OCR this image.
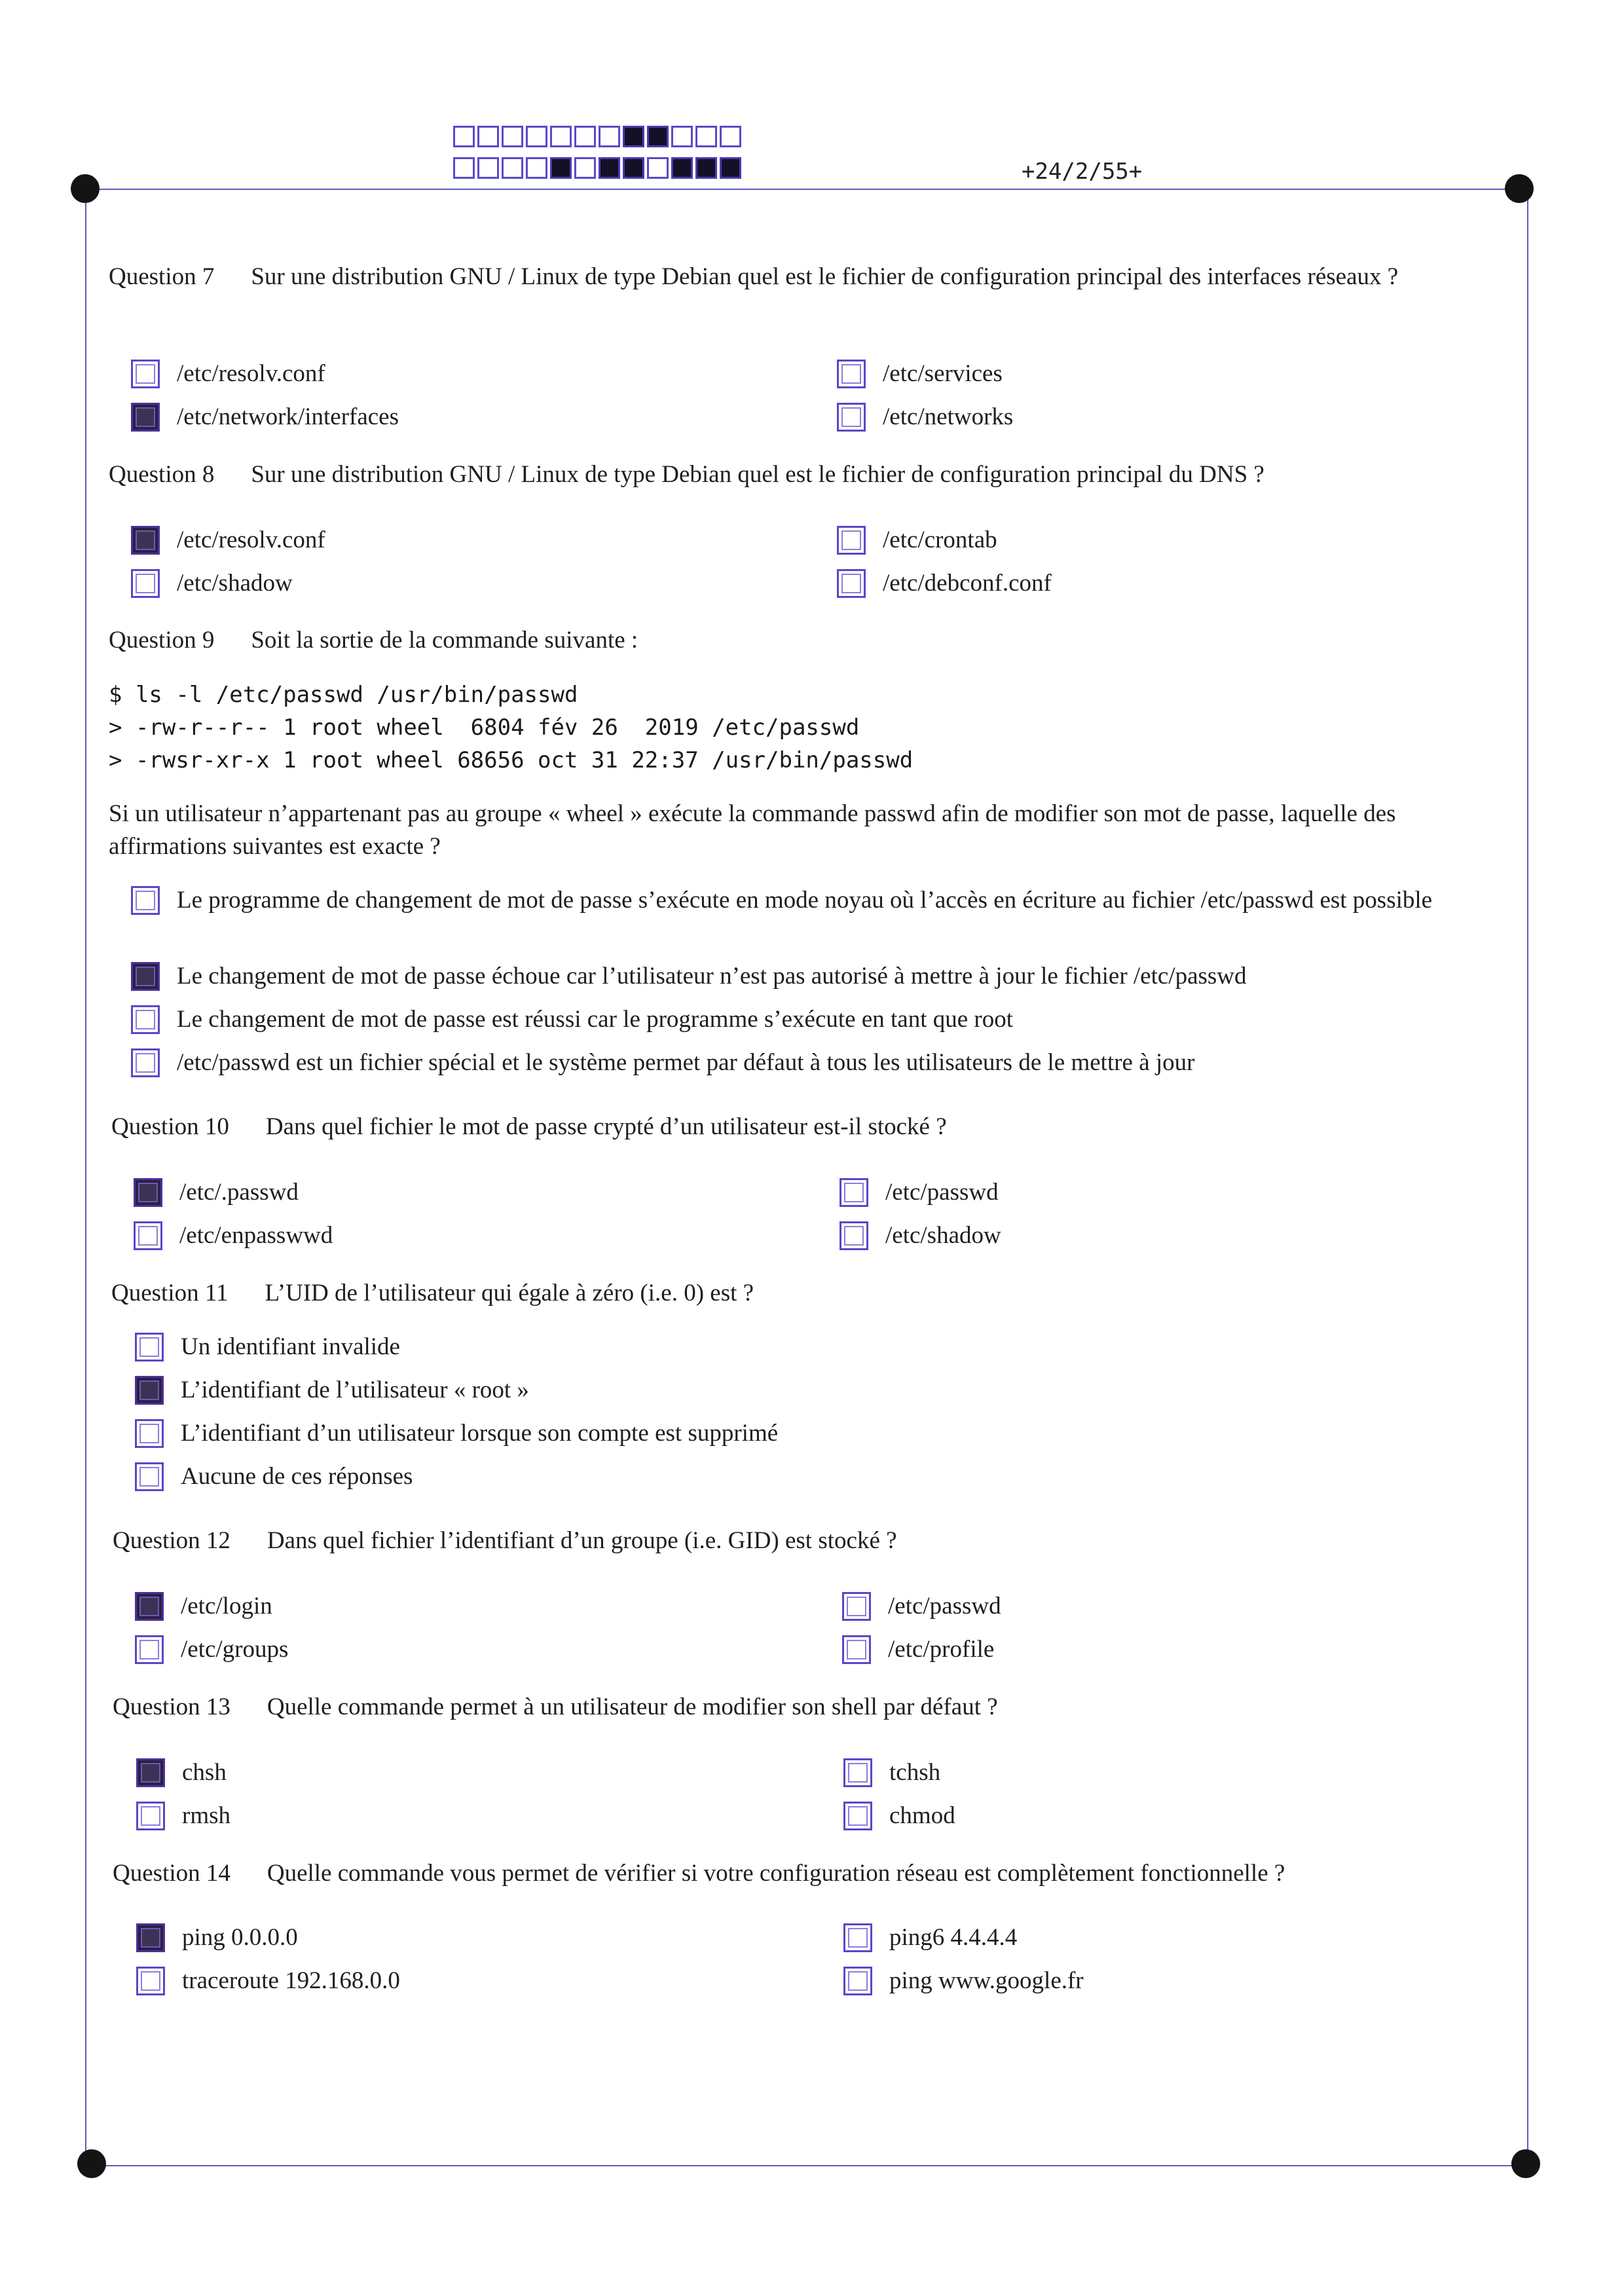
+24/2/55+
Question 7 Sur une distribution GNU / Linux de type Debian quel est le fichier de configuration principal des interfaces réseaux ?
/etc/resolv.conf	/etc/services
/etc/network/interfaces	/etc/networks
Question 8 Sur une distribution GNU / Linux de type Debian quel est le fichier de configuration principal du DNS ?
/etc/resolv.conf	/etc/crontab
/etc/shadow	/etc/debconf.conf
Question 9 Soit la sortie de la commande suivante :
$ ls -l /etc/passwd /usr/bin/passwd
> -rw-r--r-- 1 root wheel  6804 fév 26  2019 /etc/passwd
> -rwsr-xr-x 1 root wheel 68656 oct 31 22:37 /usr/bin/passwd
Si un utilisateur n’appartenant pas au groupe « wheel » exécute la commande passwd afin de modifier son mot de passe, laquelle des affirmations suivantes est exacte ?
Le programme de changement de mot de passe s’exécute en mode noyau où l’accès en écriture au fichier /etc/passwd est possible
Le changement de mot de passe échoue car l’utilisateur n’est pas autorisé à mettre à jour le fichier /etc/passwd
Le changement de mot de passe est réussi car le programme s’exécute en tant que root
/etc/passwd est un fichier spécial et le système permet par défaut à tous les utilisateurs de le mettre à jour
Question 10 Dans quel fichier le mot de passe crypté d’un utilisateur est-il stocké ?
/etc/.passwd	/etc/passwd
/etc/enpasswwd	/etc/shadow
Question 11 L’UID de l’utilisateur qui égale à zéro (i.e. 0) est ?
Un identifiant invalide
L’identifiant de l’utilisateur « root »
L’identifiant d’un utilisateur lorsque son compte est supprimé
Aucune de ces réponses
Question 12 Dans quel fichier l’identifiant d’un groupe (i.e. GID) est stocké ?
/etc/login	/etc/passwd
/etc/groups	/etc/profile
Question 13 Quelle commande permet à un utilisateur de modifier son shell par défaut ?
chsh	tchsh
rmsh	chmod
Question 14 Quelle commande vous permet de vérifier si votre configuration réseau est complètement fonctionnelle ?
ping 0.0.0.0	ping6 4.4.4.4
traceroute 192.168.0.0	ping www.google.fr
